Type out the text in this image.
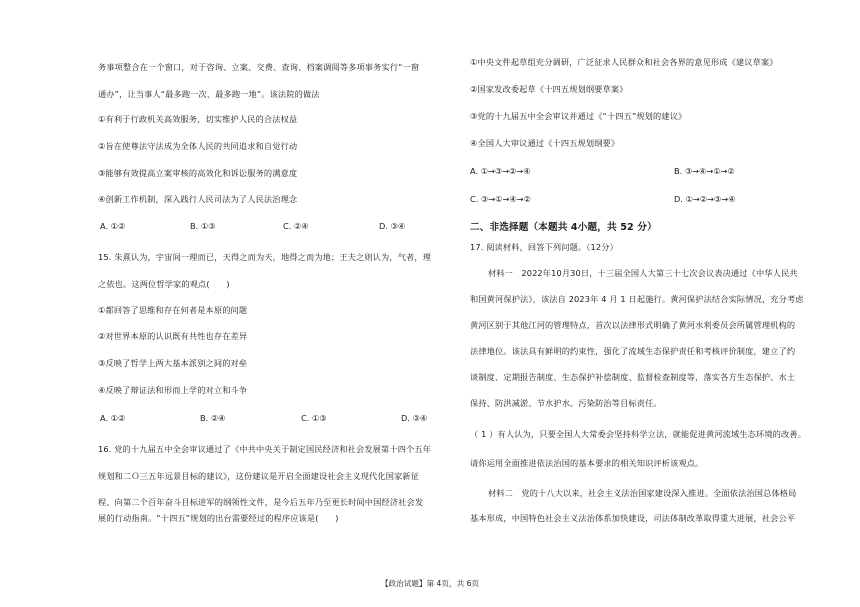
务事项整合在一个窗口，对于咨询、立案、交费、查询、档案调阅等多项事务实行“一窗
通办”，让当事人“最多跑一次、最多跑一地”。该法院的做法
①有利于行政机关高效服务，切实维护人民的合法权益
②旨在使尊法守法成为全体人民的共同追求和自觉行动
③能够有效提高立案审核的高效化和诉讼服务的满意度
④创新工作机制，深入践行人民司法为了人民法治理念
A. ①②	B. ①③	C. ②④	D. ③④
15. 朱熹认为，宇宙间一理而已，天得之而为天，地得之而为地；王夫之则认为，气者，理
之依也。这两位哲学家的观点(　　)
①都回答了思维和存在何者是本原的问题
②对世界本原的认识既有共性也存在差异
③反映了哲学上两大基本派别之间的对垒
④反映了辩证法和形而上学的对立和斗争
A. ①②	B. ②④	C. ①③	D. ③④
16. 党的十九届五中全会审议通过了《中共中央关于制定国民经济和社会发展第十四个五年
规划和二Ｏ三五年远景目标的建议》，这份建议是开启全面建设社会主义现代化国家新征
程、向第二个百年奋斗目标进军的纲领性文件，是今后五年乃至更长时间中国经济社会发
展的行动指南。“十四五”规划的出台需要经过的程序应该是(　　)
①中央文件起草组充分调研，广泛征求人民群众和社会各界的意见形成《建议草案》
②国家发改委起草《十四五规划纲要草案》
③党的十九届五中全会审议并通过《“十四五”规划的建议》
④全国人大审议通过《十四五规划纲要》
A. ①→③→②→④	B. ③→④→①→②
C. ③→①→④→②	D. ①→②→③→④
二、非选择题（本题共 4小题，共 52 分）
17. 阅读材料，回答下列问题。（12分）
材料一　2022年10月30日，十三届全国人大第三十七次会议表决通过《中华人民共
和国黄河保护法》，该法自 2023年 4 月 1 日起施行。黄河保护法结合实际情况，充分考虑
黄河区别于其他江河的管理特点，首次以法律形式明确了黄河水利委员会所属管理机构的
法律地位。该法具有鲜明的约束性，强化了流域生态保护责任和考核评价制度，建立了约
谈制度、定期报告制度、生态保护补偿制度、监督检查制度等，落实各方生态保护、水土
保持、防洪减淤、节水护水、污染防治等目标责任。
（ 1 ）有人认为，只要全国人大常委会坚持科学立法，就能促进黄河流域生态环境的改善。
请你运用全面推进依法治国的基本要求的相关知识评析该观点。
材料二　党的十八大以来，社会主义法治国家建设深入推进。全面依法治国总体格局
基本形成，中国特色社会主义法治体系加快建设，司法体制改革取得重大进展，社会公平
【政治试题】第 4页，共 6页
